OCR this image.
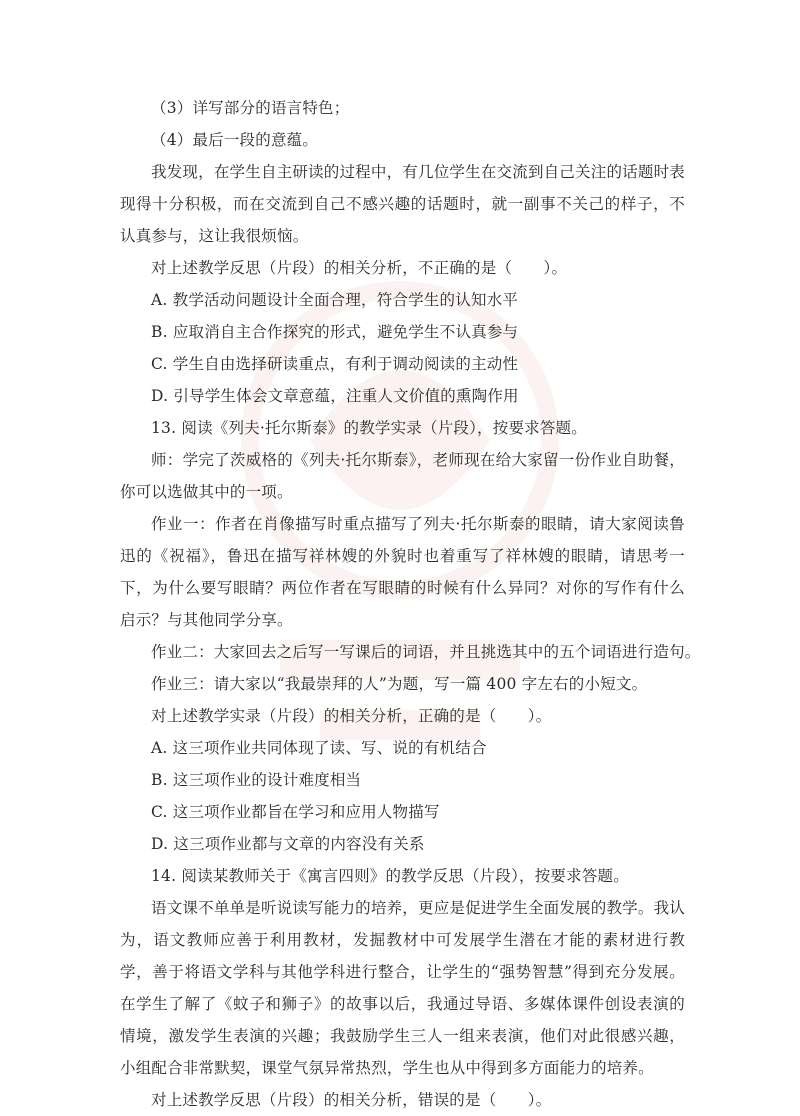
（3）详写部分的语言特色；
（4）最后一段的意蕴。
我发现，在学生自主研读的过程中，有几位学生在交流到自己关注的话题时表现得十分积极，而在交流到自己不感兴趣的话题时，就一副事不关己的样子，不认真参与，这让我很烦恼。
对上述教学反思（片段）的相关分析，不正确的是（　　）。
A. 教学活动问题设计全面合理，符合学生的认知水平
B. 应取消自主合作探究的形式，避免学生不认真参与
C. 学生自由选择研读重点，有利于调动阅读的主动性
D. 引导学生体会文章意蕴，注重人文价值的熏陶作用
13. 阅读《列夫·托尔斯泰》的教学实录（片段），按要求答题。
师：学完了茨威格的《列夫·托尔斯泰》，老师现在给大家留一份作业自助餐，你可以选做其中的一项。
作业一：作者在肖像描写时重点描写了列夫·托尔斯泰的眼睛，请大家阅读鲁迅的《祝福》，鲁迅在描写祥林嫂的外貌时也着重写了祥林嫂的眼睛，请思考一下，为什么要写眼睛？两位作者在写眼睛的时候有什么异同？对你的写作有什么启示？与其他同学分享。
作业二：大家回去之后写一写课后的词语，并且挑选其中的五个词语进行造句。
作业三：请大家以“我最崇拜的人”为题，写一篇 400 字左右的小短文。
对上述教学实录（片段）的相关分析，正确的是（　　）。
A. 这三项作业共同体现了读、写、说的有机结合
B. 这三项作业的设计难度相当
C. 这三项作业都旨在学习和应用人物描写
D. 这三项作业都与文章的内容没有关系
14. 阅读某教师关于《寓言四则》的教学反思（片段），按要求答题。
语文课不单单是听说读写能力的培养，更应是促进学生全面发展的教学。我认为，语文教师应善于利用教材，发掘教材中可发展学生潜在才能的素材进行教学，善于将语文学科与其他学科进行整合，让学生的“强势智慧”得到充分发展。在学生了解了《蚊子和狮子》的故事以后，我通过导语、多媒体课件创设表演的情境，激发学生表演的兴趣；我鼓励学生三人一组来表演，他们对此很感兴趣，小组配合非常默契，课堂气氛异常热烈，学生也从中得到多方面能力的培养。
对上述教学反思（片段）的相关分析，错误的是（　　）。
